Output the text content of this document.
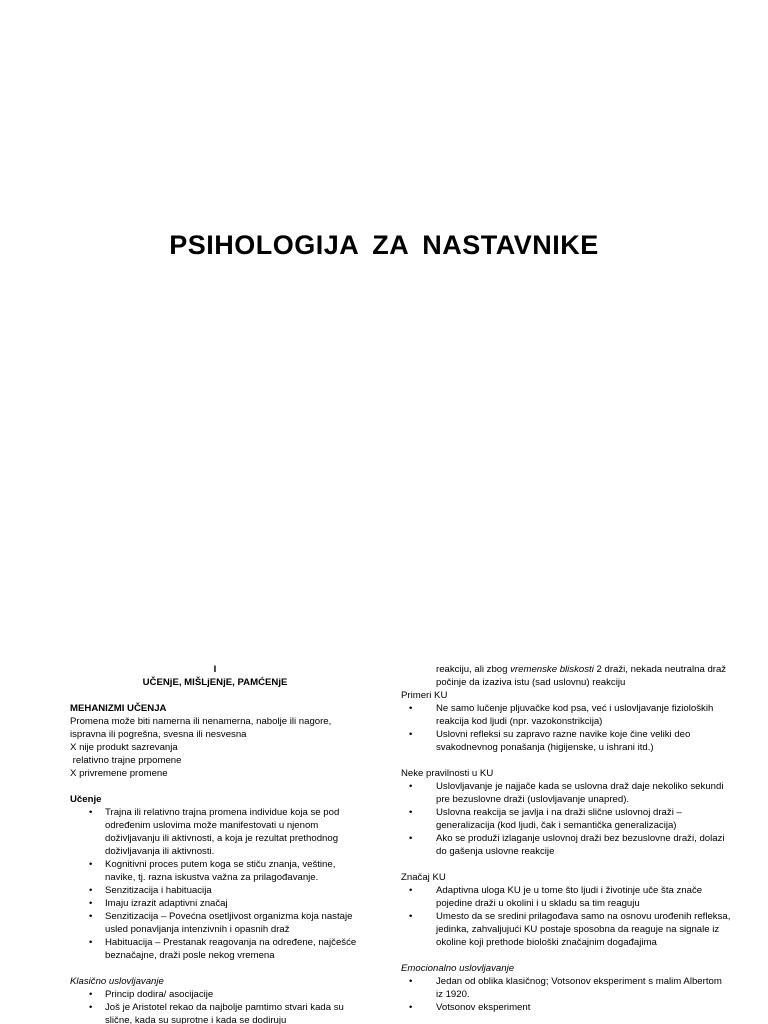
PSIHOLOGIJA ZA NASTAVNIKE

I

UČENjE, MIŠLjENjE, PAMĆENjE

MEHANIZMI UČENJA

Promena može biti namerna ili nenamerna, nabolje ili nagore, ispravna ili pogrešna, svesna ili nesvesna

X nije produkt sazrevanja

relativno trajne prpomene

X privremene promene

Učenje

• Trajna ili relativno trajna promena individue koja se pod određenim uslovima može manifestovati u njenom doživljavanju ili aktivnosti, a koja je rezultat prethodnog doživljavanja ili aktivnosti.
• Kognitivni proces putem koga se stiču znanja, veštine, navike, tj. razna iskustva važna za prilagođavanje.
• Senzitizacija i habituacija
• Imaju izrazit adaptivni značaj
• Senzitizacija – Povećna osetljivost organizma koja nastaje usled ponavljanja intenzivnih i opasnih draž
• Habituacija – Prestanak reagovanja na određene, najčešće beznačajne, draži posle nekog vremena

Klasično uslovljavanje

• Princip dodira/ asocijacije
• Još je Aristotel rekao da najbolje pamtimo stvari kada su slične, kada su suprotne i kada se dodiruju

reakciju, ali zbog vremenske bliskosti 2 draži, nekada neutralna draž počinje da izaziva istu (sad uslovnu) reakciju

Primeri KU

• Ne samo lučenje pljuvačke kod psa, već i uslovljavanje fizioloških reakcija kod ljudi (npr. vazokonstrikcija)
• Uslovni refleksi su zapravo razne navike koje čine veliki deo svakodnevnog ponašanja (higijenske, u ishrani itd.)

Neke pravilnosti u KU

• Uslovljavanje je najjače kada se uslovna draž daje nekoliko sekundi pre bezuslovne draži (uslovljavanje unapred).
• Uslovna reakcija se javlja i na draži slične uslovnoj draži – generalizacija (kod ljudi, čak i semantička generalizacija)
• Ako se produži izlaganje uslovnoj draži bez bezuslovne draži, dolazi do gašenja uslovne reakcije

Značaj KU

• Adaptivna uloga KU je u tome što ljudi i životinje uče šta znače pojedine draži u okolini i u skladu sa tim reaguju
• Umesto da se sredini prilagođava samo na osnovu urođenih refleksa, jedinka, zahvaljujući KU postaje sposobna da reaguje na signale iz okoline koji prethode biološki značajnim događajima

Emocionalno uslovljavanje

• Jedan od oblika klasičnog; Votsonov eksperiment s malim Albertom iz 1920.
• Votsonov eksperiment
